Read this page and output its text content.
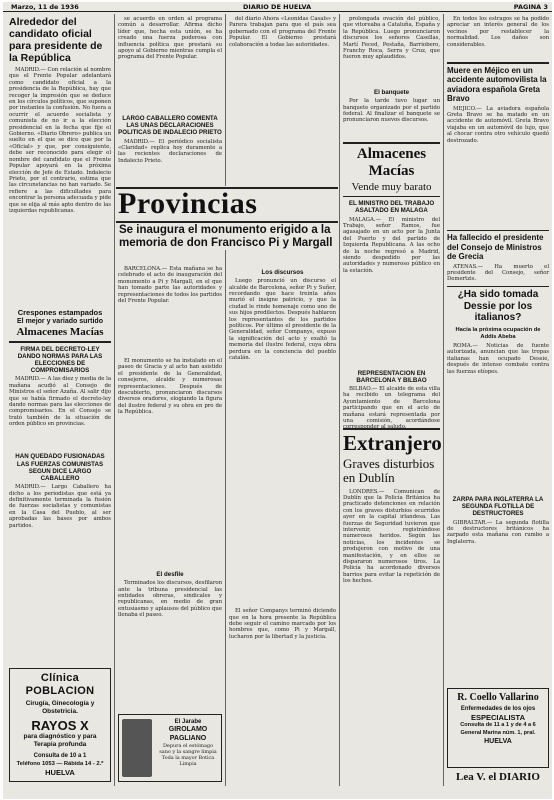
Marzo, 11 de 1936	DIARIO DE HUELVA	PAGINA 3
Alrededor del candidato oficial para presidente de la República

MADRID.— Con relación al nombre que el Frente Popular adelantará como candidato oficial a la presidencia de la República, hay que recoger la impresión que se deduce en los círculos políticos, que suponen por instantes la confusión. No fuera a ocurrir el acuerdo socialista y comunista de no ir a la elección presidencial en la fecha que fije el Gobierno. «Diario Obrero» publica un suelto en el que se dice que por la «Oficial» y que, por consiguiente, debe ser reconocido para elegir el nombre del candidato que el Frente Popular apoyará en la próxima elección de Jefe de Estado. Indalecio Prieto, por el contrario, estima que las circunstancias no han variado. Se refiere a las dificultades para encontrar la persona adecuada y pide que se elija al más apto dentro de las izquierdas republicanas.

Crespones estampados
El mejor y variado surtido
Almacenes Macías
FIRMA DEL DECRETO-LEY DANDO NORMAS PARA LAS ELECCIONES DE COMPROMISARIOS

MADRID.— A las diez y media de la mañana acudió al Consejo de Ministros el señor Azaña. Al salir dijo que se había firmado el decreto-ley dando normas para las elecciones de compromisarios. En el Consejo se trató también de la situación de orden público en provincias.

HAN QUEDADO FUSIONADAS LAS FUERZAS COMUNISTAS SEGUN DICE LARGO CABALLERO

MADRID.— Largo Caballero ha dicho a los periodistas que está ya definitivamente terminada la fusión de fuerzas socialistas y comunistas en la Casa del Pueblo, al ser aprobadas las bases por ambos partidos.

Clínica POBLACION
Cirugía, Ginecología y Obstetricia.
RAYOS X
para diagnóstico y para Terapia profunda
Consulta de 10 a 1
Teléfono 1053 — Rábida 14 - 2.º
HUELVA

se acuerdo en orden al programa común a desarrollar. Afirma dicho líder que, hecha esta unión, se ha creado una fuerza poderosa con influencia política que prestará su apoyo al Gobierno mientras cumpla el programa del Frente Popular.

LARGO CABALLERO COMENTA LAS UNAS DECLARACIONES POLITICAS DE INDALECIO PRIETO

MADRID.— El periódico socialista «Claridad» replica hoy duramente a las recientes declaraciones de Indalecio Prieto.

del diario Ahora «Leonidas Casals» y Parera trabajan para que el país sea gobernado con el programa del Frente Popular. El Gobierno prestará colaboración a todas las autoridades.

Provincias
Se inaugura el monumento erigido a la memoria de don Francisco Pi y Margall

BARCELONA.— Esta mañana se ha celebrado el acto de inauguración del monumento a Pi y Margall, en el que han tomado parte las autoridades y representaciones de todos los partidos del Frente Popular.

El monumento se ha instalado en el paseo de Gracia y al acto han asistido el presidente de la Generalidad, consejeros, alcalde y numerosas representaciones. Después de descubierto, pronunciaron discursos diversos oradores, elogiando la figura del ilustre federal y su obra en pro de la República.

El desfile

Terminados los discursos, desfilaron ante la tribuna presidencial las entidades obreras, sindicales y republicanas, en medio de gran entusiasmo y aplausos del público que llenaba el paseo.

El Jarabe
GIROLAMO PAGLIANO
Depura el estómago sano y la sangre limpia
Toda la mayor Botica Limpia
Los discursos

Luego pronunció un discurso el alcalde de Barcelona, señor Pi y Suñer, recordando que hace treinta años murió el insigne patricio, y que la ciudad le rinde homenaje como uno de sus hijos predilectos. Después hablaron los representantes de los partidos políticos. Por último el presidente de la Generalidad, señor Companys, expuso la significación del acto y exaltó la memoria del ilustre federal, cuya obra perdura en la conciencia del pueblo catalán.

El señor Companys terminó diciendo que en la hora presente la República debe seguir el camino marcado por los hombres que, como Pi y Margall, lucharon por la libertad y la justicia.

prolongada ovación del público, que vitoreaba a Cataluña, España y la República. Luego pronunciaron discursos los señores Casellas, Martí Feced, Pestaña, Barriobero, Franchy Roca, Serra y Cruz, que fueron muy aplaudidos.

El banquete

Por la tarde tuvo lugar un banquete organizado por el partido federal. Al finalizar el banquete se pronunciaron nuevos discursos.

Almacenes Macías
Vende muy barato
EL MINISTRO DEL TRABAJO ASALTADO EN MALAGA

MALAGA.— El ministro del Trabajo, señor Ramos, fue agasajado en un acto por la Junta del Puerto y del partido de Izquierda Republicana. A las ocho de la noche regresó a Madrid, siendo despedido por las autoridades y numeroso público en la estación.

REPRESENTACION EN BARCELONA Y BILBAO

BILBAO.— El alcalde de esta villa ha recibido un telegrama del Ayuntamiento de Barcelona participando que en el acto de mañana estará representada por una comisión, acordándose

Extranjero
Graves disturbios en Dublín

LONDRES.— Comunican de Dublín que la Policía Británica ha practicado detenciones en relación con los graves disturbios ocurridos ayer en la capital irlandesa. Las fuerzas de Seguridad tuvieron que intervenir, registrándose numerosos heridos. Según las noticias, los incidentes se produjeron con motivo de una manifestación, y en ellos se dispararon numerosos tiros. La Policía ha acordonado diversos barrios para evitar la repetición de los hechos.

En todos los estragos se ha podido apreciar un interés general de los vecinos por restablecer la normalidad. Los daños son considerables.

Muere en Méjico en un accidente automovilista la aviadora española Greta Bravo

MEJICO.— La aviadora española Greta Bravo se ha matado en un accidente de automóvil. Greta Bravo viajaba en un automóvil de lujo, que al chocar contra otro vehículo quedó destrozado.

Ha fallecido el presidente del Consejo de Ministros de Grecia

ATENAS.— Ha muerto el presidente del Consejo, señor Demertzis.

¿Ha sido tomada Dessie por los italianos?
Hacia la próxima ocupación de Addis Abeba

ROMA.— Noticias de fuente autorizada, anuncian que las tropas italianas han ocupado Dessie, después de intenso combate contra las fuerzas etíopes.

ZARPA PARA INGLATERRA LA SEGUNDA FLOTILLA DE DESTRUCTORES

GIBRALTAR.— La segunda flotilla de destructores británicos ha zarpado esta mañana con rumbo a Inglaterra.

R. Coello Vallarino
Enfermedades de los ojos
ESPECIALISTA
Consulta de 11 a 1 y de 4 a 6
General Marina núm. 1, pral.
HUELVA
Lea V. el DIARIO
